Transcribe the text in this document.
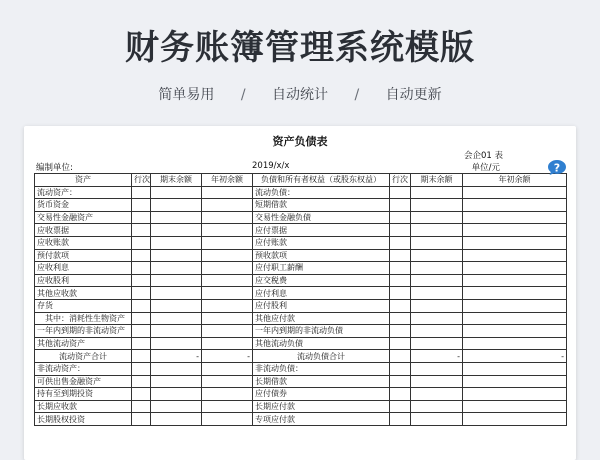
财务账簿管理系统模版
简单易用 / 自动统计 / 自动更新
资产负债表
会企01 表
编制单位:	2019/x/x	单位/元
资产	行次	期末余额	年初余额	负债和所有者权益（或股东权益）	行次	期末余额	年初余额
流动资产：				流动负债：			
货币资金				短期借款			
交易性金融资产				交易性金融负债			
应收票据				应付票据			
应收账款				应付账款			
预付款项				预收款项			
应收利息				应付职工薪酬			
应收股利				应交税费			
其他应收款				应付利息			
存货				应付股利			
　其中：消耗性生物资产				其他应付款			
一年内到期的非流动资产				一年内到期的非流动负债			
其他流动资产				其他流动负债			
流动资产合计		-	-	流动负债合计		-	-
非流动资产：				非流动负债：			
可供出售金融资产				长期借款			
持有至到期投资				应付债券			
长期应收款				长期应付款			
长期股权投资				专项应付款			
?
